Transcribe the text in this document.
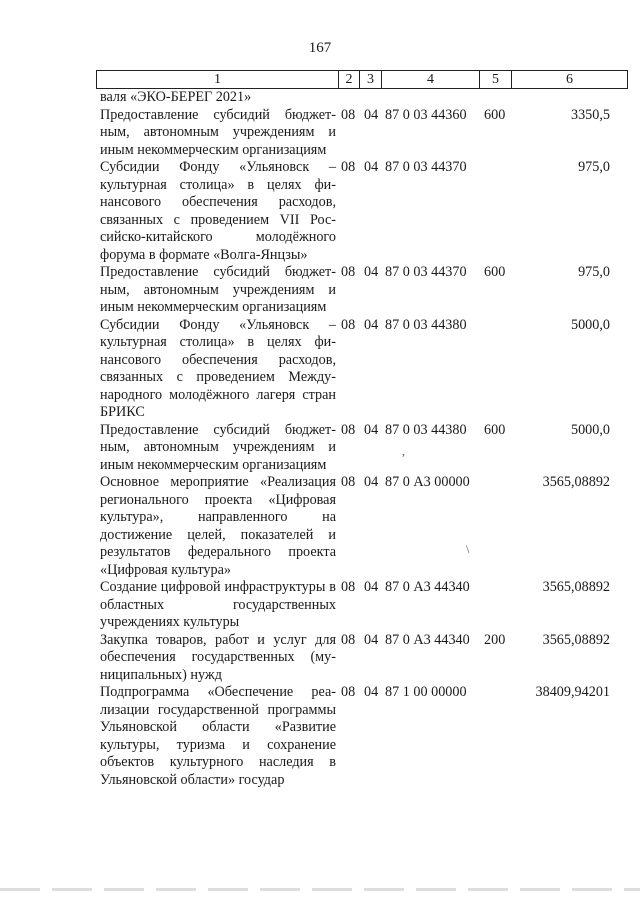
167
1	2	3	4	5	6
валя «ЭКО-БЕРЕГ 2021»
Предоставление субсидий бюджетным, автономным учреждениям и иным некоммерческим организациям
08 04 87 0 03 44360 600	3350,5
Субсидии Фонду «Ульяновск – культурная столица» в целях финансового обеспечения расходов, связанных с проведением VII Российско-китайского молодёжного форума в формате «Волга-Янцзы»
08 04 87 0 03 44370	975,0
Предоставление субсидий бюджетным, автономным учреждениям и иным некоммерческим организациям
08 04 87 0 03 44370 600	975,0
Субсидии Фонду «Ульяновск – культурная столица» в целях финансового обеспечения расходов, связанных с проведением Международного молодёжного лагеря стран БРИКС
08 04 87 0 03 44380	5000,0
Предоставление субсидий бюджетным, автономным учреждениям и иным некоммерческим организациям
08 04 87 0 03 44380 600	5000,0
,
Основное мероприятие «Реализация регионального проекта «Цифровая культура», направленного на достижение целей, показателей и результатов федерального проекта «Цифровая культура»
08 04 87 0 А3 00000	3565,08892
\
Создание цифровой инфраструктуры в областных государственных учреждениях культуры
08 04 87 0 А3 44340	3565,08892
Закупка товаров, работ и услуг для обеспечения государственных (муниципальных) нужд
08 04 87 0 А3 44340 200	3565,08892
Подпрограмма «Обеспечение реализации государственной программы Ульяновской области «Развитие культуры, туризма и сохранение объектов культурного наследия в Ульяновской области» государ
08 04 87 1 00 00000	38409,94201
